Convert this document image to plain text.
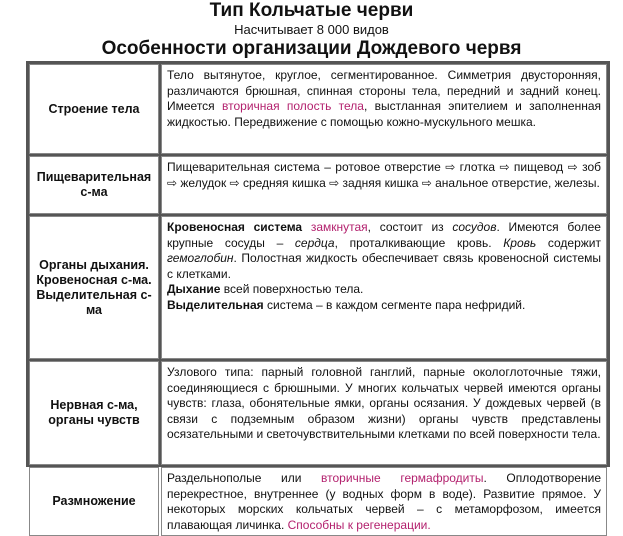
Тип Кольчатые черви
Насчитывает 8 000 видов
Особенности организации Дождевого червя
Строение тела
Тело вытянутое, круглое, сегментированное. Симметрия двусторонняя, различаются брюшная, спинная стороны тела, передний и задний конец. Имеется вторичная полость тела, выстланная эпителием и заполненная жидкостью. Передвижение с помощью кожно-мускульного мешка.
Пищеварительная
с-ма
Пищеварительная система – ротовое отверстие ⇨ глотка ⇨ пищевод ⇨ зоб ⇨ желудок ⇨ средняя кишка ⇨ задняя кишка ⇨ анальное отверстие, железы.
Органы дыхания.
Кровеносная с-ма.
Выделительная с-ма
Кровеносная система замкнутая, состоит из сосудов. Имеются более крупные сосуды – сердца, проталкивающие кровь. Кровь содержит гемоглобин. Полостная жидкость обеспечивает связь кровеносной системы с клетками.
Дыхание всей поверхностью тела.
Выделительная система – в каждом сегменте пара нефридий.
Нервная с-ма,
органы чувств
Узлового типа: парный головной ганглий, парные окологлоточные тяжи, соединяющиеся с брюшными. У многих кольчатых червей имеются органы чувств: глаза, обонятельные ямки, органы осязания. У дождевых червей (в связи с подземным образом жизни) органы чувств представлены осязательными и светочувствительными клетками по всей поверхности тела.
Размножение
Раздельнополые или вторичные гермафродиты. Оплодотворение перекрестное, внутреннее (у водных форм в воде). Развитие прямое. У некоторых морских кольчатых червей – с метаморфозом, имеется плавающая личинка. Способны к регенерации.
